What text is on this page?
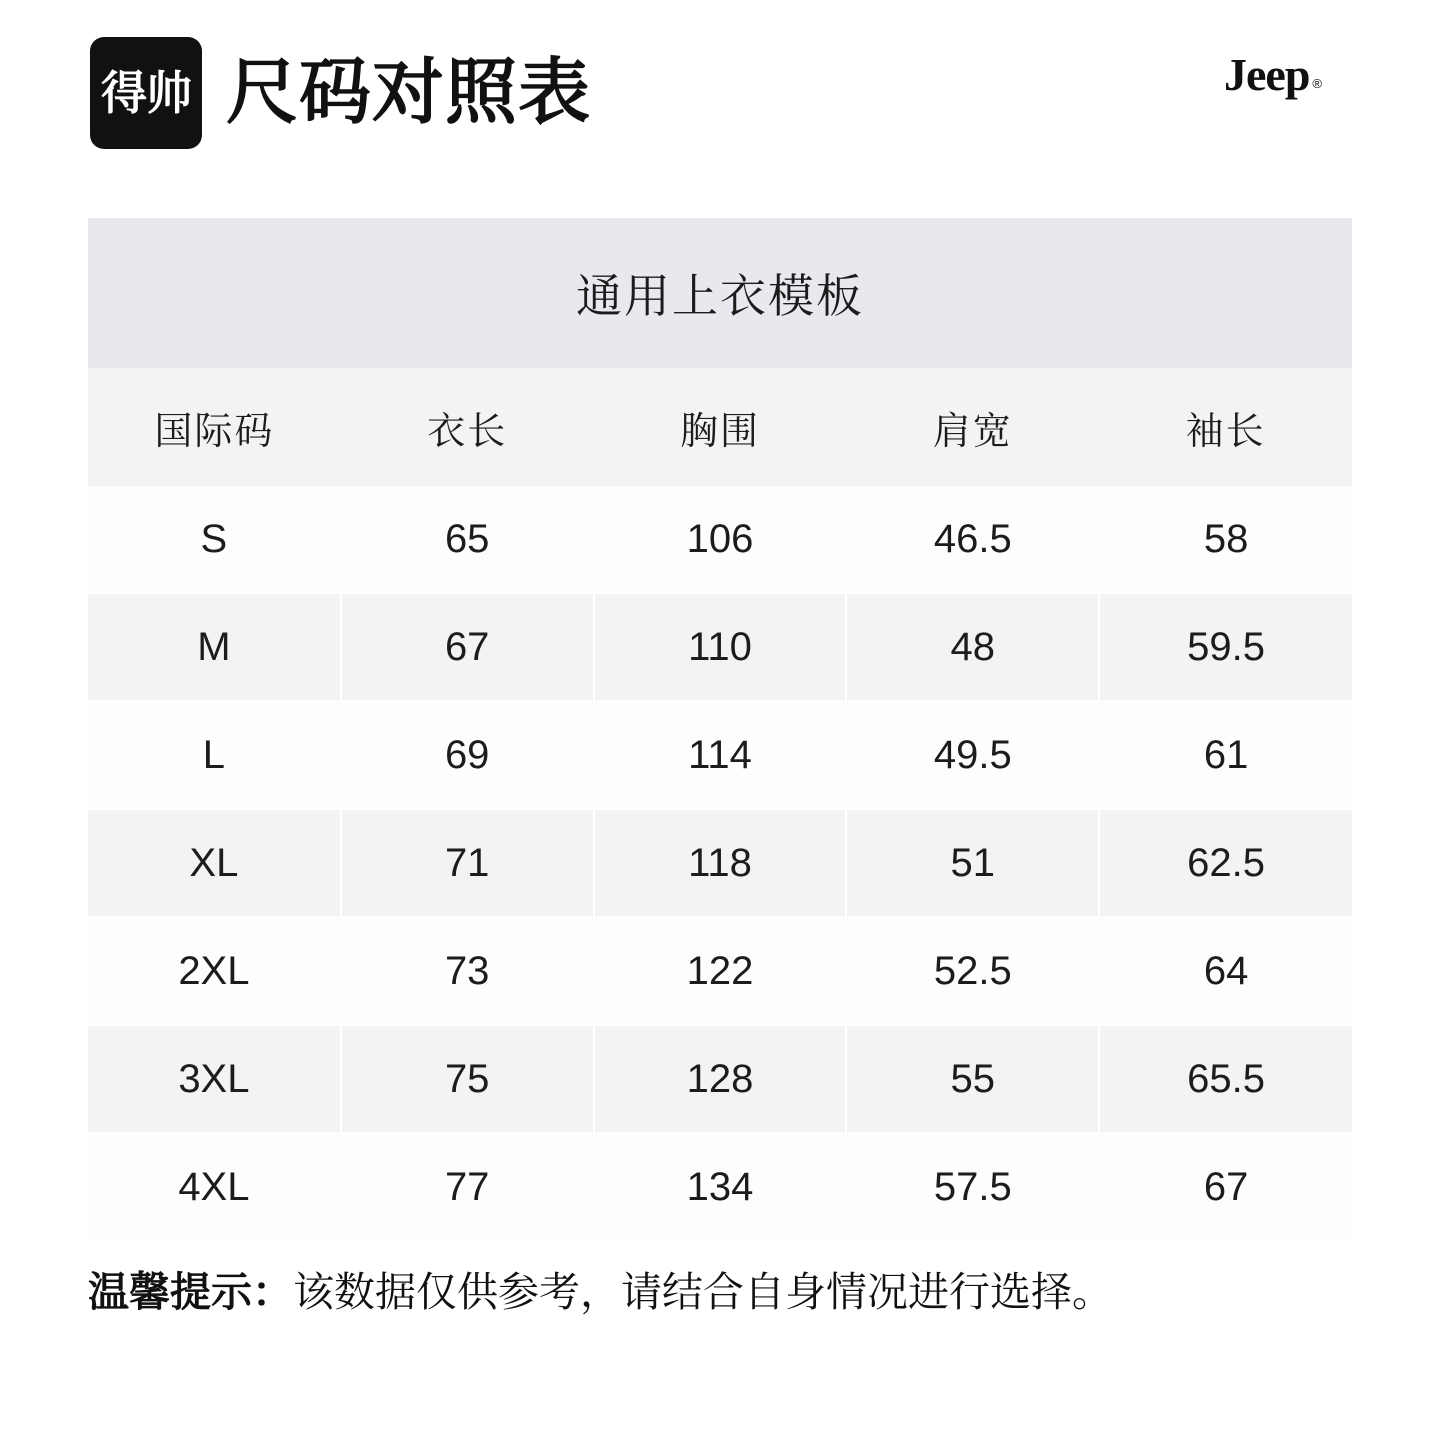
得帅 尺码对照表	Jeep ®
通用上衣模板
国际码	衣长	胸围	肩宽	袖长
S	65	106	46.5	58
M	67	110	48	59.5
L	69	114	49.5	61
XL	71	118	51	62.5
2XL	73	122	52.5	64
3XL	75	128	55	65.5
4XL	77	134	57.5	67
温馨提示：该数据仅供参考，请结合自身情况进行选择。
